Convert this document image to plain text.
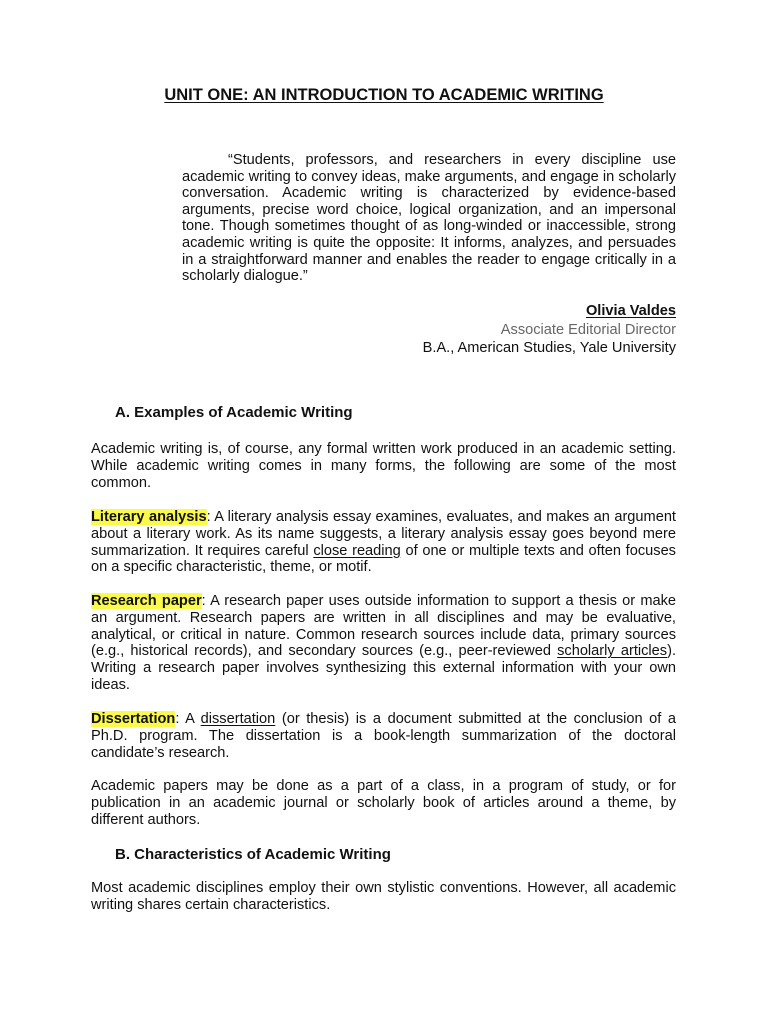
UNIT ONE: AN INTRODUCTION TO ACADEMIC WRITING
“Students, professors, and researchers in every discipline use academic writing to convey ideas, make arguments, and engage in scholarly conversation. Academic writing is characterized by evidence-based arguments, precise word choice, logical organization, and an impersonal tone. Though sometimes thought of as long-winded or inaccessible, strong academic writing is quite the opposite: It informs, analyzes, and persuades in a straightforward manner and enables the reader to engage critically in a scholarly dialogue.”
Olivia Valdes
Associate Editorial Director
B.A., American Studies, Yale University
A. Examples of Academic Writing
Academic writing is, of course, any formal written work produced in an academic setting. While academic writing comes in many forms, the following are some of the most common.
Literary analysis: A literary analysis essay examines, evaluates, and makes an argument about a literary work. As its name suggests, a literary analysis essay goes beyond mere summarization. It requires careful close reading of one or multiple texts and often focuses on a specific characteristic, theme, or motif.
Research paper: A research paper uses outside information to support a thesis or make an argument. Research papers are written in all disciplines and may be evaluative, analytical, or critical in nature. Common research sources include data, primary sources (e.g., historical records), and secondary sources (e.g., peer-reviewed scholarly articles). Writing a research paper involves synthesizing this external information with your own ideas.
Dissertation: A dissertation (or thesis) is a document submitted at the conclusion of a Ph.D. program. The dissertation is a book-length summarization of the doctoral candidate’s research.
Academic papers may be done as a part of a class, in a program of study, or for publication in an academic journal or scholarly book of articles around a theme, by different authors.
B. Characteristics of Academic Writing
Most academic disciplines employ their own stylistic conventions. However, all academic writing shares certain characteristics.
